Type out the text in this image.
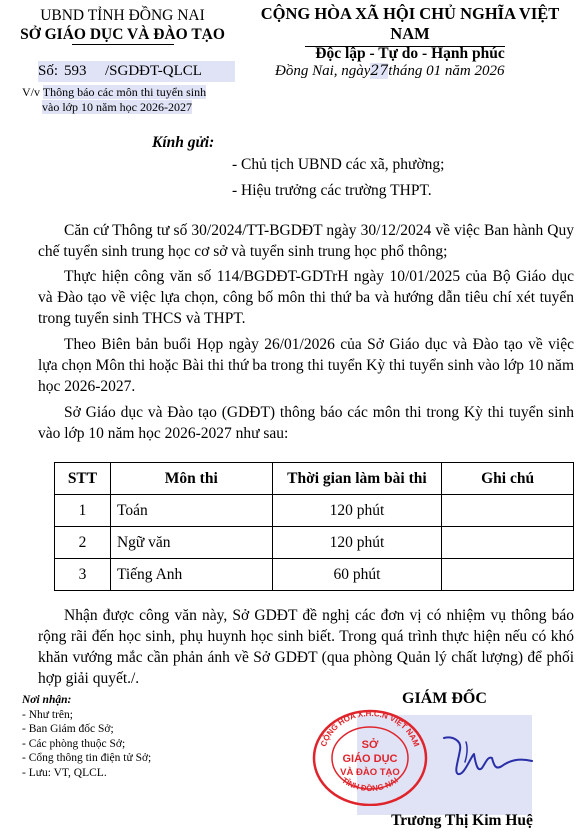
UBND TỈNH ĐỒNG NAI
SỞ GIÁO DỤC VÀ ĐÀO TẠO
CỘNG HÒA XÃ HỘI CHỦ NGHĨA VIỆT NAM
Độc lập - Tự do - Hạnh phúc
Số: 593 /SGDĐT-QLCL	Đồng Nai, ngày27tháng 01 năm 2026
V/v Thông báo các môn thi tuyển sinh
vào lớp 10 năm học 2026-2027
Kính gửi:
- Chủ tịch UBND các xã, phường;
- Hiệu trưởng các trường THPT.
Căn cứ Thông tư số 30/2024/TT-BGDĐT ngày 30/12/2024 về việc Ban hành Quy chế tuyển sinh trung học cơ sở và tuyển sinh trung học phổ thông;
Thực hiện công văn số 114/BGDĐT-GDTrH ngày 10/01/2025 của Bộ Giáo dục và Đào tạo về việc lựa chọn, công bố môn thi thứ ba và hướng dẫn tiêu chí xét tuyển trong tuyển sinh THCS và THPT.
Theo Biên bản buổi Họp ngày 26/01/2026 của Sở Giáo dục và Đào tạo về việc lựa chọn Môn thi hoặc Bài thi thứ ba trong thi tuyển Kỳ thi tuyển sinh vào lớp 10 năm học 2026-2027.
Sở Giáo dục và Đào tạo (GDĐT) thông báo các môn thi trong Kỳ thi tuyển sinh vào lớp 10 năm học 2026-2027 như sau:
STT	Môn thi	Thời gian làm bài thi	Ghi chú
1	Toán	120 phút	
2	Ngữ văn	120 phút	
3	Tiếng Anh	60 phút	
Nhận được công văn này, Sở GDĐT đề nghị các đơn vị có nhiệm vụ thông báo rộng rãi đến học sinh, phụ huynh học sinh biết. Trong quá trình thực hiện nếu có khó khăn vướng mắc cần phản ánh về Sở GDĐT (qua phòng Quản lý chất lượng) để phối hợp giải quyết./.
Nơi nhận:
- Như trên;
- Ban Giám đốc Sở;
- Các phòng thuộc Sở;
- Cổng thông tin điện tử Sở;
- Lưu: VT, QLCL.
GIÁM ĐỐC
CỘNG HÒA X.H.C.N VIỆT NAM
TỈNH ĐỒNG NAI
SỞ
GIÁO DỤC
VÀ ĐÀO TẠO
Trương Thị Kim Huệ
